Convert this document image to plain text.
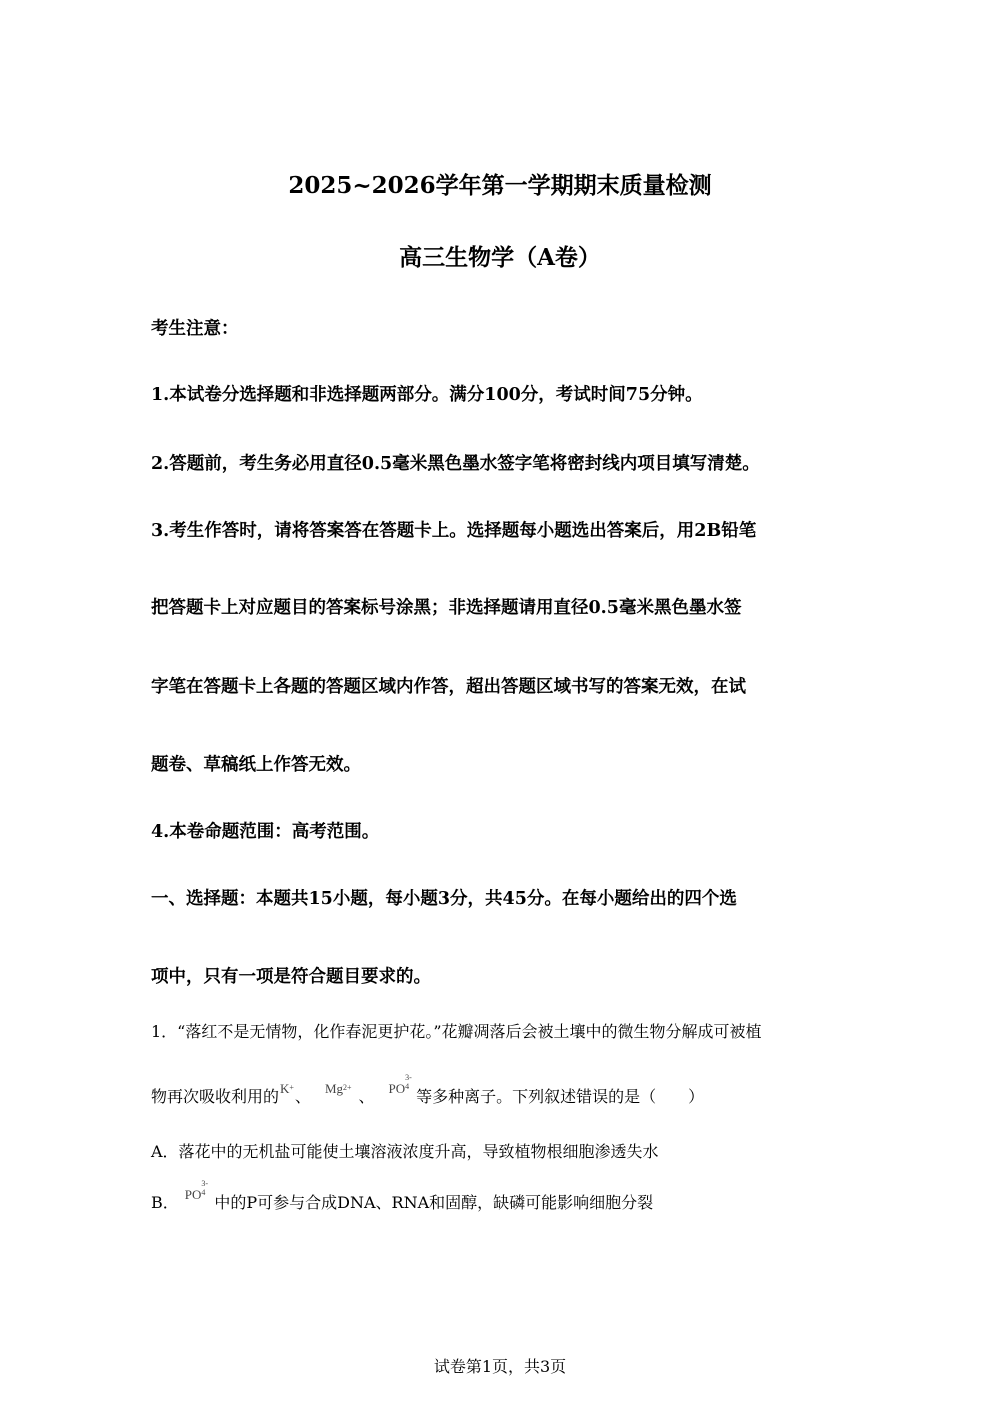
2025~2026学年第一学期期末质量检测
高三生物学（A卷）
考生注意：
1.本试卷分选择题和非选择题两部分。满分100分，考试时间75分钟。
2.答题前，考生务必用直径0.5毫米黑色墨水签字笔将密封线内项目填写清楚。
3.考生作答时，请将答案答在答题卡上。选择题每小题选出答案后，用2B铅笔
把答题卡上对应题目的答案标号涂黑；非选择题请用直径0.5毫米黑色墨水签
字笔在答题卡上各题的答题区域内作答，超出答题区域书写的答案无效，在试
题卷、草稿纸上作答无效。
4.本卷命题范围：高考范围。
一、选择题：本题共15小题，每小题3分，共45分。在每小题给出的四个选
项中，只有一项是符合题目要求的。
1．“落红不是无情物，化作春泥更护花。”花瓣凋落后会被土壤中的微生物分解成可被植
物再次吸收利用的K+、 $Mg^{2+}$ 、 PO
3-
4
等多种离子。下列叙述错误的是（　　）
A．落花中的无机盐可能使土壤溶液浓度升高，导致植物根细胞渗透失水
B． PO
3-
4
中的P可参与合成DNA、RNA和固醇，缺磷可能影响细胞分裂
试卷第1页，共3页
